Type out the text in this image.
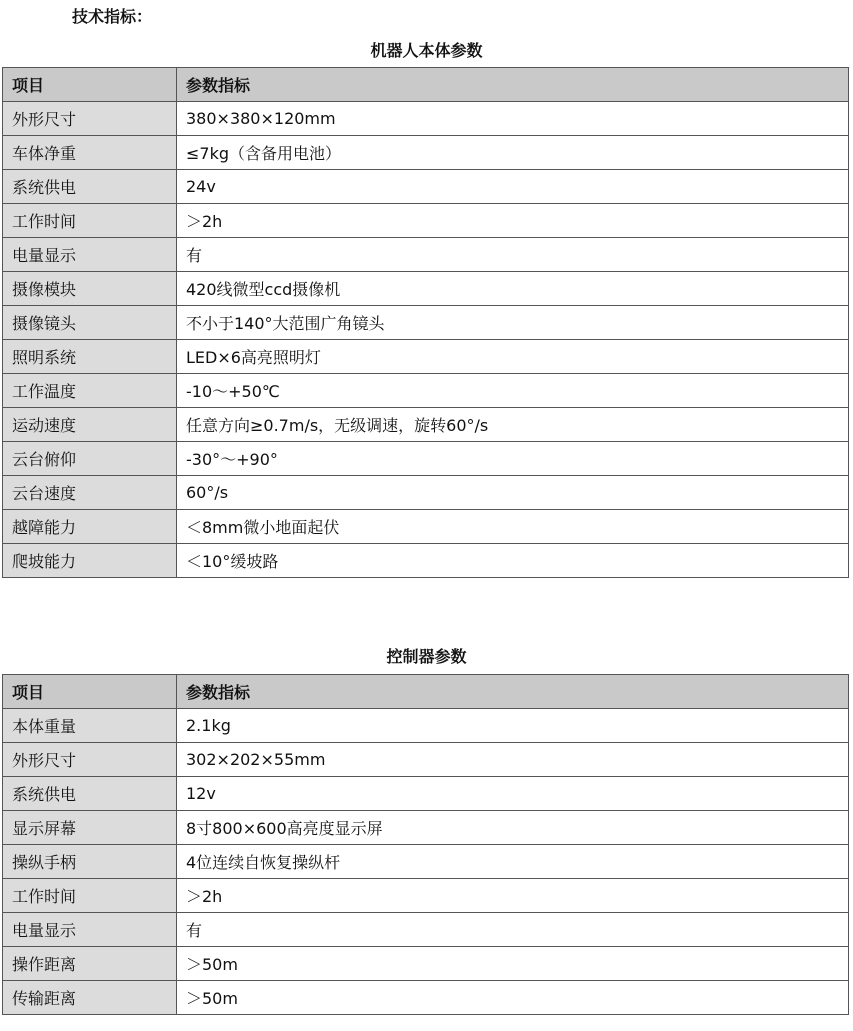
技术指标：
机器人本体参数
项目	参数指标
外形尺寸	380×380×120mm
车体净重	≤7kg（含备用电池）
系统供电	24v
工作时间	＞2h
电量显示	有
摄像模块	420线微型ccd摄像机
摄像镜头	不小于140°大范围广角镜头
照明系统	LED×6高亮照明灯
工作温度	-10～+50℃
运动速度	任意方向≥0.7m/s，无级调速，旋转60°/s
云台俯仰	-30°～+90°
云台速度	60°/s
越障能力	＜8mm微小地面起伏
爬坡能力	＜10°缓坡路
控制器参数
项目	参数指标
本体重量	2.1kg
外形尺寸	302×202×55mm
系统供电	12v
显示屏幕	8寸800×600高亮度显示屏
操纵手柄	4位连续自恢复操纵杆
工作时间	＞2h
电量显示	有
操作距离	＞50m
传输距离	＞50m
